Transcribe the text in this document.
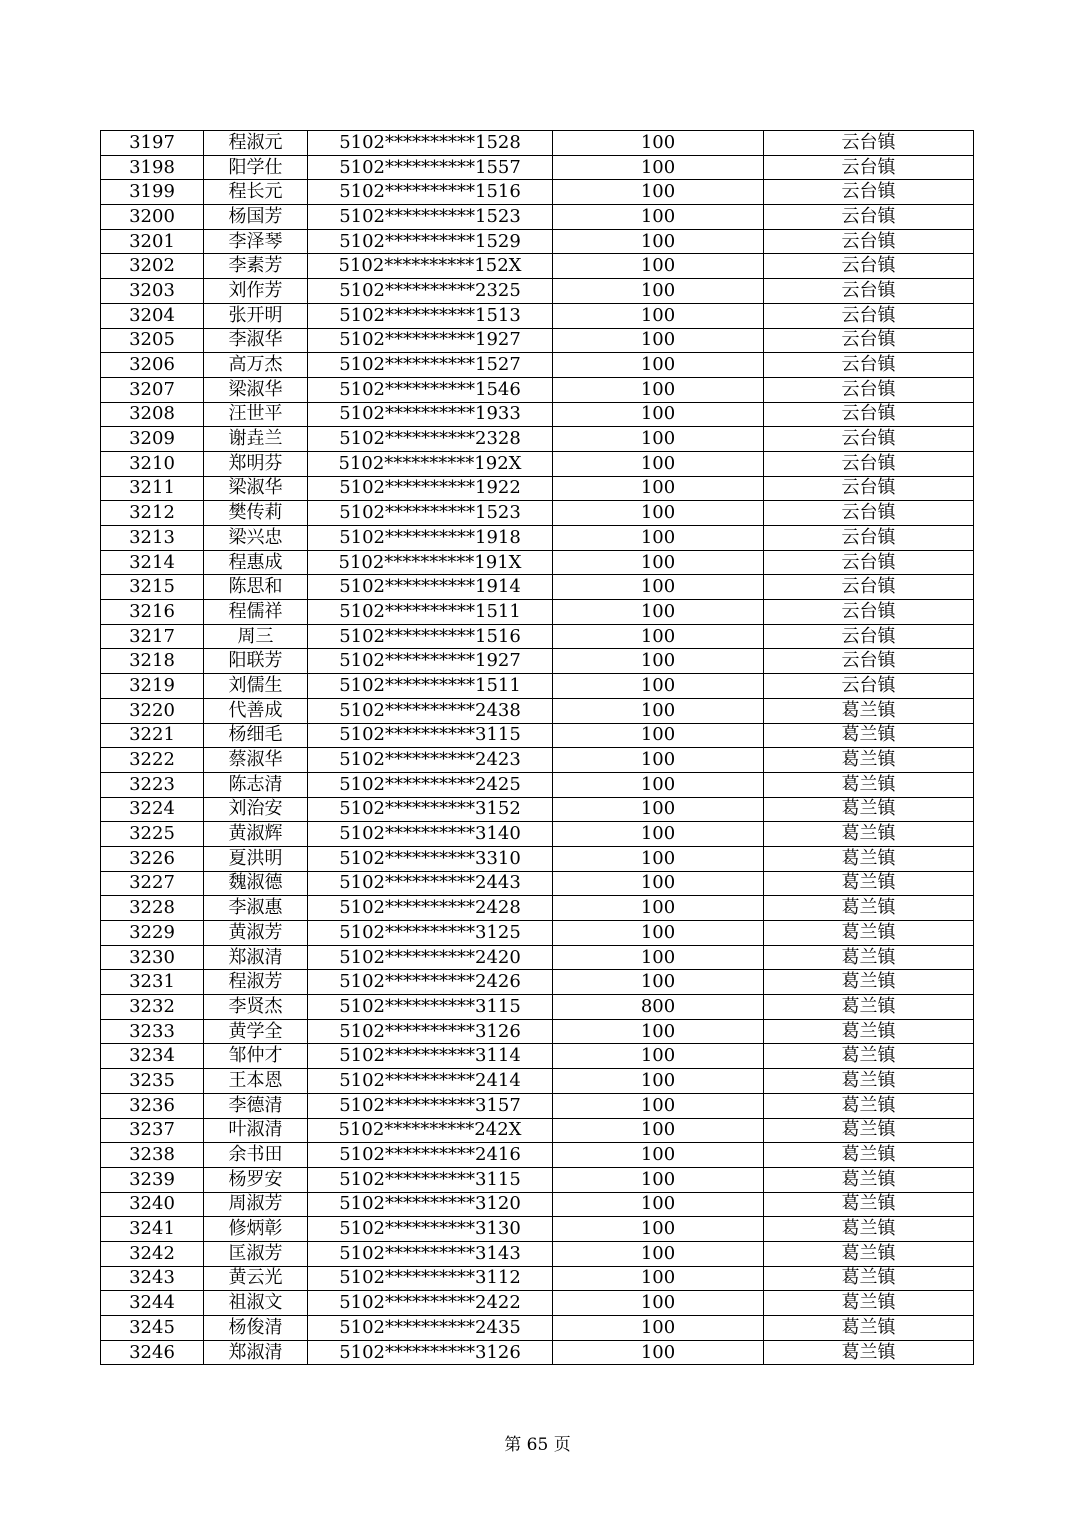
3197	程淑元	5102**********1528	100	云台镇
3198	阳学仕	5102**********1557	100	云台镇
3199	程长元	5102**********1516	100	云台镇
3200	杨国芳	5102**********1523	100	云台镇
3201	李泽琴	5102**********1529	100	云台镇
3202	李素芳	5102**********152X	100	云台镇
3203	刘作芳	5102**********2325	100	云台镇
3204	张开明	5102**********1513	100	云台镇
3205	李淑华	5102**********1927	100	云台镇
3206	高万杰	5102**********1527	100	云台镇
3207	梁淑华	5102**********1546	100	云台镇
3208	汪世平	5102**********1933	100	云台镇
3209	谢垚兰	5102**********2328	100	云台镇
3210	郑明芬	5102**********192X	100	云台镇
3211	梁淑华	5102**********1922	100	云台镇
3212	樊传莉	5102**********1523	100	云台镇
3213	梁兴忠	5102**********1918	100	云台镇
3214	程惠成	5102**********191X	100	云台镇
3215	陈思和	5102**********1914	100	云台镇
3216	程儒祥	5102**********1511	100	云台镇
3217	周三	5102**********1516	100	云台镇
3218	阳联芳	5102**********1927	100	云台镇
3219	刘儒生	5102**********1511	100	云台镇
3220	代善成	5102**********2438	100	葛兰镇
3221	杨细毛	5102**********3115	100	葛兰镇
3222	蔡淑华	5102**********2423	100	葛兰镇
3223	陈志清	5102**********2425	100	葛兰镇
3224	刘治安	5102**********3152	100	葛兰镇
3225	黄淑辉	5102**********3140	100	葛兰镇
3226	夏洪明	5102**********3310	100	葛兰镇
3227	魏淑德	5102**********2443	100	葛兰镇
3228	李淑惠	5102**********2428	100	葛兰镇
3229	黄淑芳	5102**********3125	100	葛兰镇
3230	郑淑清	5102**********2420	100	葛兰镇
3231	程淑芳	5102**********2426	100	葛兰镇
3232	李贤杰	5102**********3115	800	葛兰镇
3233	黄学全	5102**********3126	100	葛兰镇
3234	邹仲才	5102**********3114	100	葛兰镇
3235	王本恩	5102**********2414	100	葛兰镇
3236	李德清	5102**********3157	100	葛兰镇
3237	叶淑清	5102**********242X	100	葛兰镇
3238	余书田	5102**********2416	100	葛兰镇
3239	杨罗安	5102**********3115	100	葛兰镇
3240	周淑芳	5102**********3120	100	葛兰镇
3241	修炳彰	5102**********3130	100	葛兰镇
3242	匡淑芳	5102**********3143	100	葛兰镇
3243	黄云光	5102**********3112	100	葛兰镇
3244	祖淑文	5102**********2422	100	葛兰镇
3245	杨俊清	5102**********2435	100	葛兰镇
3246	郑淑清	5102**********3126	100	葛兰镇
第 65 页
